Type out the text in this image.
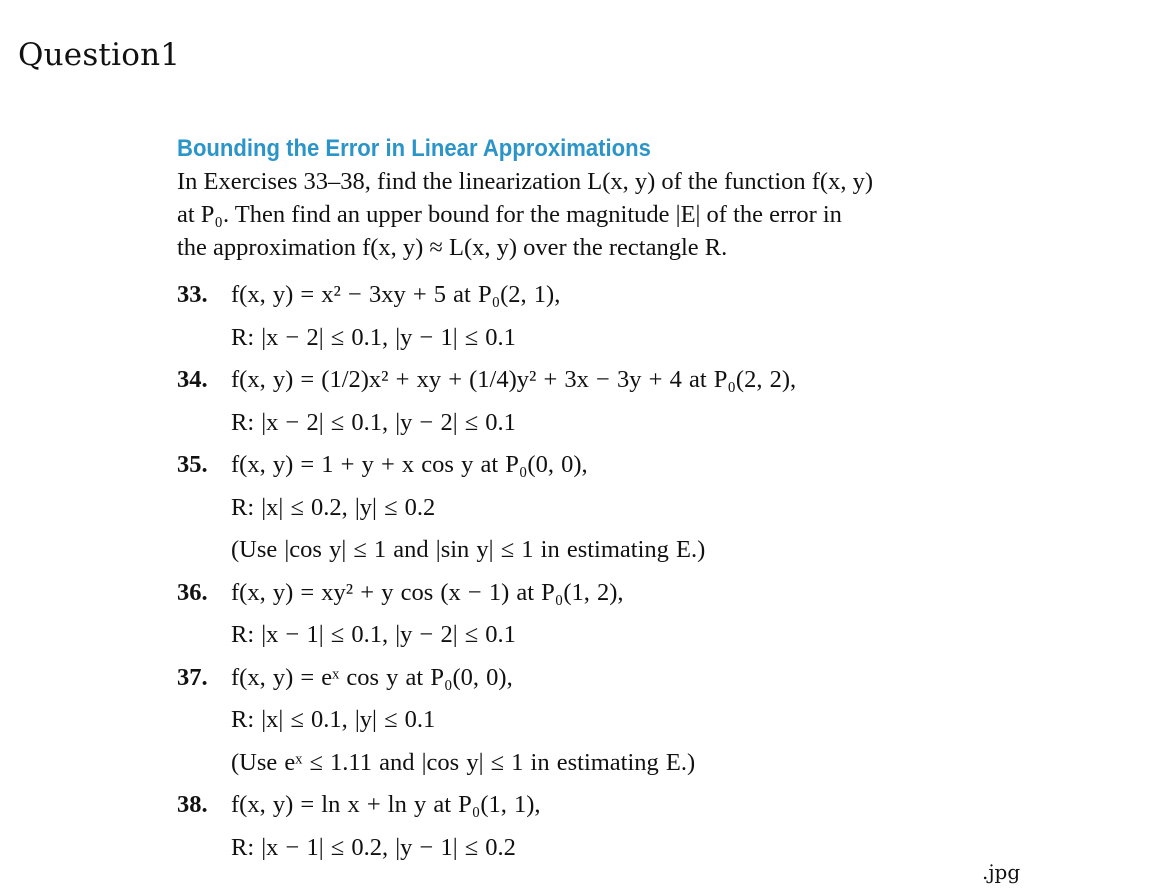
Question1
Bounding the Error in Linear Approximations
In Exercises 33–38, find the linearization L(x, y) of the function f(x, y)
at P₀. Then find an upper bound for the magnitude |E| of the error in
the approximation f(x, y) ≈ L(x, y) over the rectangle R.
33. f(x, y) = x² − 3xy + 5 at P₀(2, 1),
R: |x − 2| ≤ 0.1, |y − 1| ≤ 0.1
34. f(x, y) = (1/2)x² + xy + (1/4)y² + 3x − 3y + 4 at P₀(2, 2),
R: |x − 2| ≤ 0.1, |y − 2| ≤ 0.1
35. f(x, y) = 1 + y + x cos y at P₀(0, 0),
R: |x| ≤ 0.2, |y| ≤ 0.2
(Use |cos y| ≤ 1 and |sin y| ≤ 1 in estimating E.)
36. f(x, y) = xy² + y cos (x − 1) at P₀(1, 2),
R: |x − 1| ≤ 0.1, |y − 2| ≤ 0.1
37. f(x, y) = eˣ cos y at P₀(0, 0),
R: |x| ≤ 0.1, |y| ≤ 0.1
(Use eˣ ≤ 1.11 and |cos y| ≤ 1 in estimating E.)
38. f(x, y) = ln x + ln y at P₀(1, 1),
R: |x − 1| ≤ 0.2, |y − 1| ≤ 0.2
.jpg
